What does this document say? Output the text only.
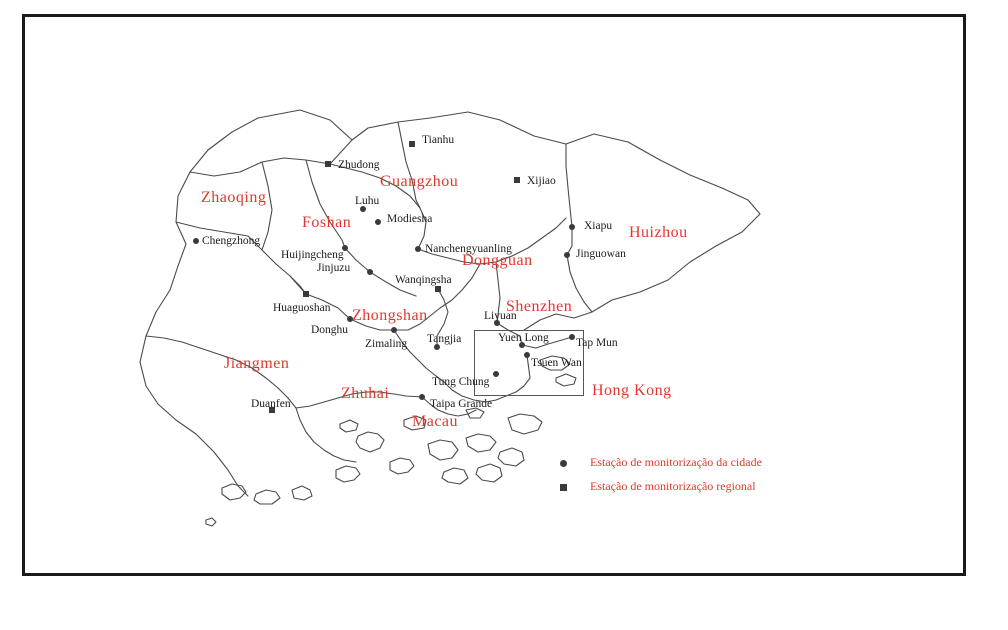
Tianhu
Zhudong
Xijiao
Luhu
Modiesha
Xiapu
Chengzhong
Nanchengyuanling	Jinguowan
Huijingcheng
Jinjuzu
Wanqingsha
Huaguoshan
Liyuan
Yuen Long Tap Mun
Donghu
Zimaling Tangjia
Tsuen Wan
Tung Chung
Duanfen	Taipa Grande
Zhaoqing
Guangzhou
Foshan
Huizhou
Dongguan
Shenzhen
Zhongshan
Jiangmen
Zhuhai
Macau
Hong Kong
Estação de monitorização da cidade
Estação de monitorização regional
